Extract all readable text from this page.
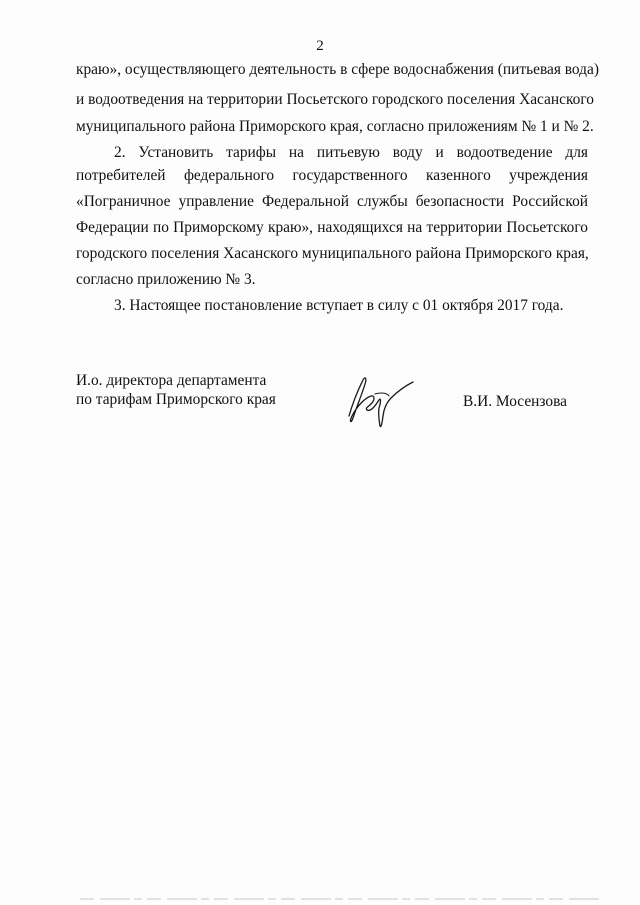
2
краю», осуществляющего деятельность в сфере водоснабжения (питьевая вода)
и водоотведения на территории Посьетского городского поселения Хасанского
муниципального района Приморского края, согласно приложениям № 1 и № 2.
2. Установить тарифы на питьевую воду и водоотведение для
потребителей федерального государственного казенного учреждения
«Пограничное управление Федеральной службы безопасности Российской
Федерации по Приморскому краю», находящихся на территории Посьетского
городского поселения Хасанского муниципального района Приморского края,
согласно приложению № 3.
3. Настоящее постановление вступает в силу с 01 октября 2017 года.
И.о. директора департамента
по тарифам Приморского края	В.И. Мосензова
